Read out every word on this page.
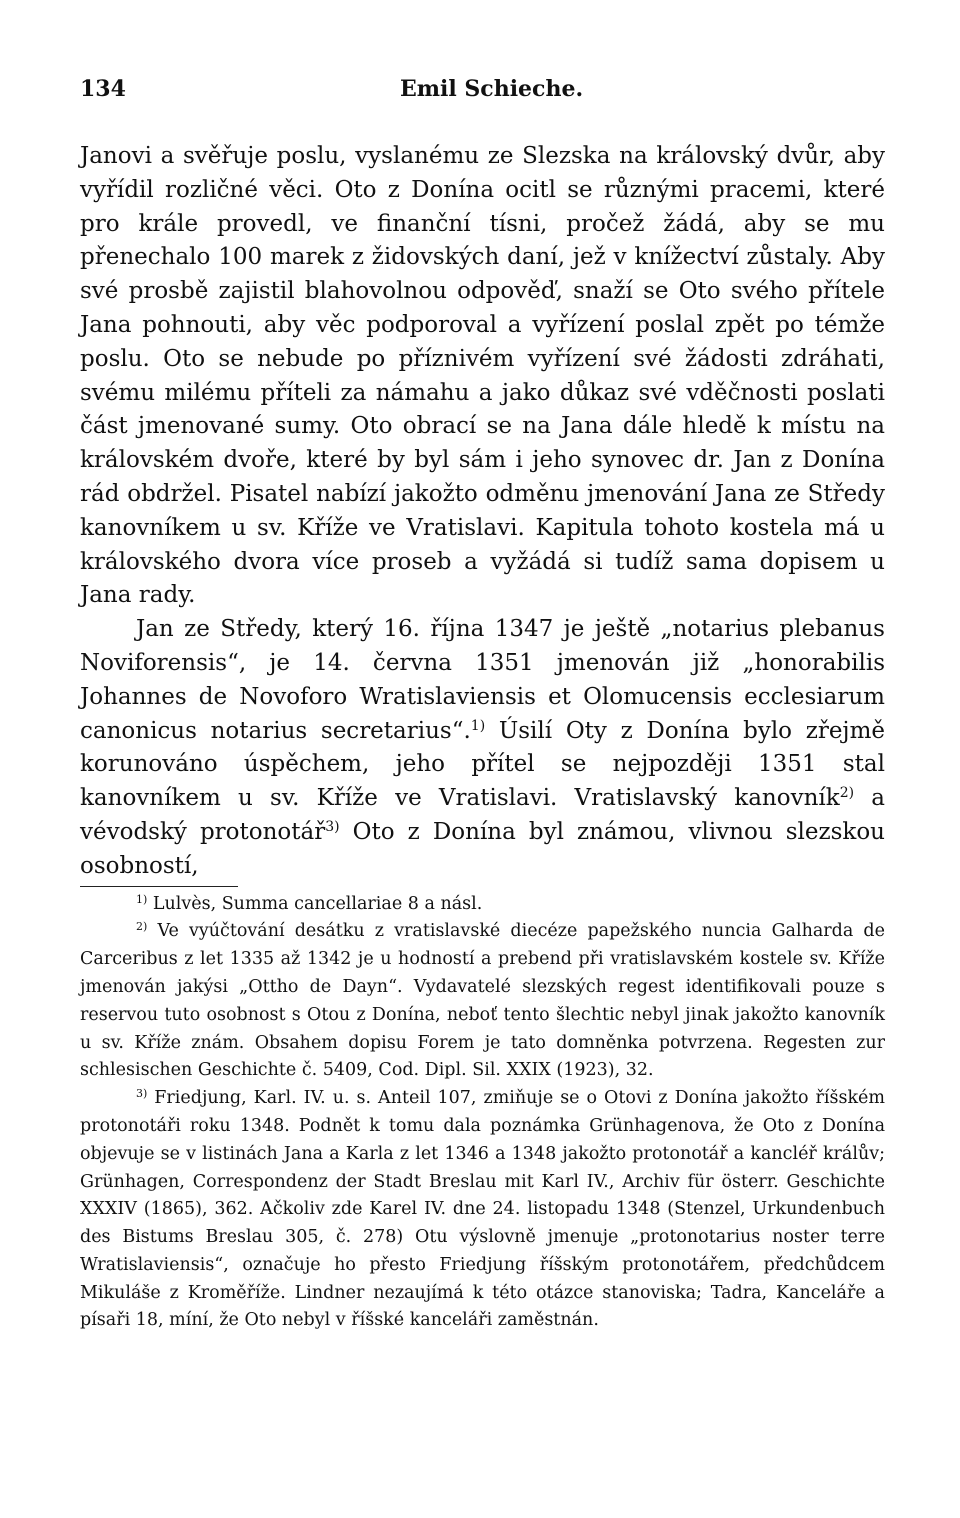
134	Emil Schieche.

Janovi a svěřuje poslu, vyslanému ze Slezska na královský dvůr, aby vyřídil rozličné věci. Oto z Donína ocitl se různými pracemi, které pro krále provedl, ve finanční tísni, pročež žádá, aby se mu přenechalo 100 marek z židovských daní, jež v knížectví zůstaly. Aby své prosbě zajistil blahovolnou odpověď, snaží se Oto svého přítele Jana pohnouti, aby věc podporoval a vyřízení poslal zpět po témže poslu. Oto se nebude po příznivém vyřízení své žádosti zdráhati, svému milému příteli za námahu a jako důkaz své vděčnosti poslati část jmenované sumy. Oto obrací se na Jana dále hledě k místu na královském dvoře, které by byl sám i jeho synovec dr. Jan z Donína rád obdržel. Pisatel nabízí jakožto odměnu jmenování Jana ze Středy kanovníkem u sv. Kříže ve Vratislavi. Kapitula tohoto kostela má u královského dvora více proseb a vyžádá si tudíž sama dopisem u Jana rady.

Jan ze Středy, který 16. října 1347 je ještě „notarius plebanus Noviforensis“, je 14. června 1351 jmenován již „honorabilis Johannes de Novoforo Wratislaviensis et Olomucensis ecclesiarum canonicus notarius secretarius“.$^{1)}$ Úsilí Oty z Donína bylo zřejmě korunováno úspěchem, jeho přítel se nejpozději 1351 stal kanovníkem u sv. Kříže ve Vratislavi. Vratislavský kanovník$^{2)}$ a vévodský protonotář$^{3)}$ Oto z Donína byl známou, vlivnou slezskou osobností,

$^{1)}$ Lulvès, Summa cancellariae 8 a násl.

$^{2)}$ Ve vyúčtování desátku z vratislavské diecéze papežského nuncia Galharda de Carceribus z let 1335 až 1342 je u hodností a prebend při vratislavském kostele sv. Kříže jmenován jakýsi „Ottho de Dayn“. Vydavatelé slezských regest identifikovali pouze s reservou tuto osobnost s Otou z Donína, neboť tento šlechtic nebyl jinak jakožto kanovník u sv. Kříže znám. Obsahem dopisu Forem je tato domněnka potvrzena. Regesten zur schlesischen Geschichte č. 5409, Cod. Dipl. Sil. XXIX (1923), 32.

$^{3)}$ Friedjung, Karl. IV. u. s. Anteil 107, zmiňuje se o Otovi z Donína jakožto říšském protonotáři roku 1348. Podnět k tomu dala poznámka Grünhagenova, že Oto z Donína objevuje se v listinách Jana a Karla z let 1346 a 1348 jakožto protonotář a kancléř králův; Grünhagen, Correspondenz der Stadt Breslau mit Karl IV., Archiv für österr. Geschichte XXXIV (1865), 362. Ačkoliv zde Karel IV. dne 24. listopadu 1348 (Stenzel, Urkundenbuch des Bistums Breslau 305, č. 278) Otu výslovně jmenuje „protonotarius noster terre Wratislaviensis“, označuje ho přesto Friedjung říšským protonotářem, předchůdcem Mikuláše z Kroměříže. Lindner nezaujímá k této otázce stanoviska; Tadra, Kanceláře a písaři 18, míní, že Oto nebyl v říšské kanceláři zaměstnán.
